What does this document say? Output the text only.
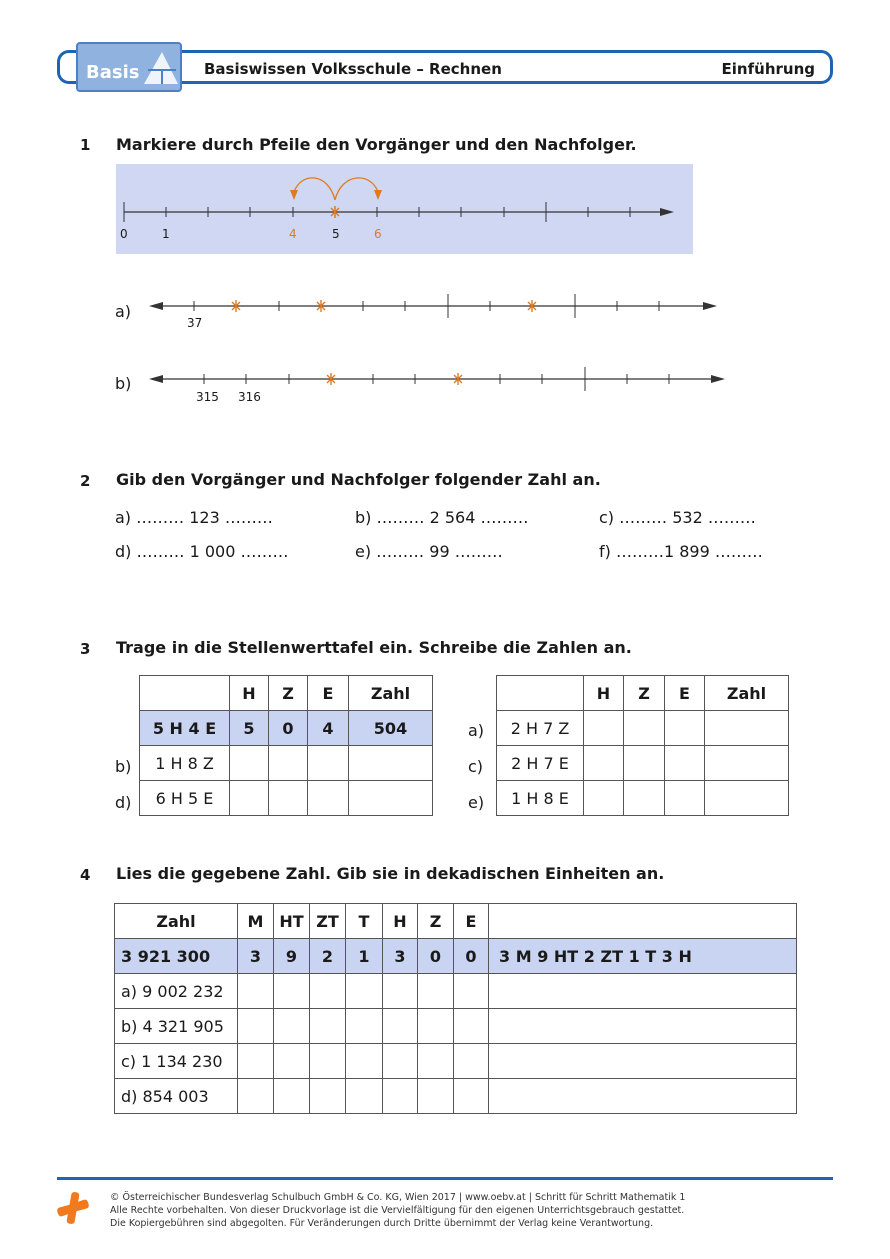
Basis	Basiswissen Volksschule – Rechnen	Einführung
1 Markiere durch Pfeile den Vorgänger und den Nachfolger.
0	1	4	5	6
a)
37
b)
315 316
2 Gib den Vorgänger und Nachfolger folgender Zahl an.
a) ……… 123 ………	b) ……… 2 564 ………	c) ……… 532 ………
d) ……… 1 000 ………	e) ……… 99 ………	f) ………1 899 ………
3 Trage in die Stellenwerttafel ein. Schreibe die Zahlen an.
	H	Z	E	Zahl
5 H 4 E	5	0	4	504
1 H 8 Z				
6 H 5 E				
b)
d)
	H	Z	E	Zahl
2 H 7 Z				
2 H 7 E				
1 H 8 E				
a)
c)
e)
4 Lies die gegebene Zahl. Gib sie in dekadischen Einheiten an.
Zahl	M	HT	ZT	T	H	Z	E	
3 921 300	3	9	2	1	3	0	0	3 M 9 HT 2 ZT 1 T 3 H
a) 9 002 232								
b) 4 321 905								
c) 1 134 230								
d) 854 003								
© Österreichischer Bundesverlag Schulbuch GmbH & Co. KG, Wien 2017 | www.oebv.at | Schritt für Schritt Mathematik 1
Alle Rechte vorbehalten. Von dieser Druckvorlage ist die Vervielfältigung für den eigenen Unterrichtsgebrauch gestattet.
Die Kopiergebühren sind abgegolten. Für Veränderungen durch Dritte übernimmt der Verlag keine Verantwortung.
